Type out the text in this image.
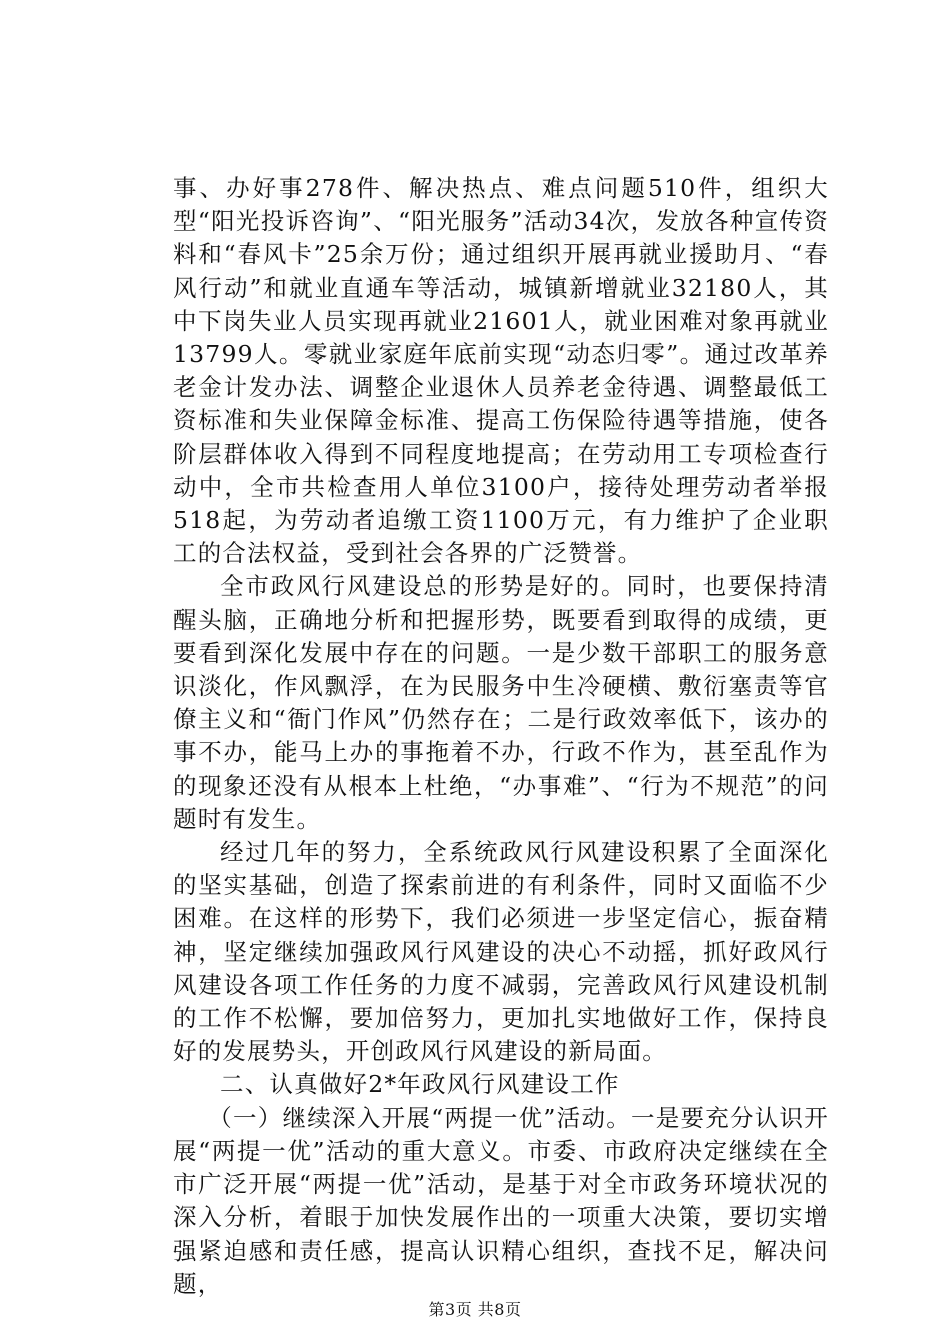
事、办好事278件、解决热点、难点问题510件，组织大型“阳光投诉咨询”、“阳光服务”活动34次，发放各种宣传资料和“春风卡”25余万份；通过组织开展再就业援助月、“春风行动”和就业直通车等活动，城镇新增就业32180人，其中下岗失业人员实现再就业21601人，就业困难对象再就业13799人。零就业家庭年底前实现“动态归零”。通过改革养老金计发办法、调整企业退休人员养老金待遇、调整最低工资标准和失业保障金标准、提高工伤保险待遇等措施，使各阶层群体收入得到不同程度地提高；在劳动用工专项检查行动中，全市共检查用人单位3100户，接待处理劳动者举报518起，为劳动者追缴工资1100万元，有力维护了企业职工的合法权益，受到社会各界的广泛赞誉。

全市政风行风建设总的形势是好的。同时，也要保持清醒头脑，正确地分析和把握形势，既要看到取得的成绩，更要看到深化发展中存在的问题。一是少数干部职工的服务意识淡化，作风飘浮，在为民服务中生冷硬横、敷衍塞责等官僚主义和“衙门作风”仍然存在；二是行政效率低下，该办的事不办，能马上办的事拖着不办，行政不作为，甚至乱作为的现象还没有从根本上杜绝，“办事难”、“行为不规范”的问题时有发生。

经过几年的努力，全系统政风行风建设积累了全面深化的坚实基础，创造了探索前进的有利条件，同时又面临不少困难。在这样的形势下，我们必须进一步坚定信心，振奋精神，坚定继续加强政风行风建设的决心不动摇，抓好政风行风建设各项工作任务的力度不减弱，完善政风行风建设机制的工作不松懈，要加倍努力，更加扎实地做好工作，保持良好的发展势头，开创政风行风建设的新局面。

二、认真做好2*年政风行风建设工作

（一）继续深入开展“两提一优”活动。一是要充分认识开展“两提一优”活动的重大意义。市委、市政府决定继续在全市广泛开展“两提一优”活动，是基于对全市政务环境状况的深入分析，着眼于加快发展作出的一项重大决策，要切实增强紧迫感和责任感，提高认识精心组织，查找不足，解决问题，

第3页 共8页
